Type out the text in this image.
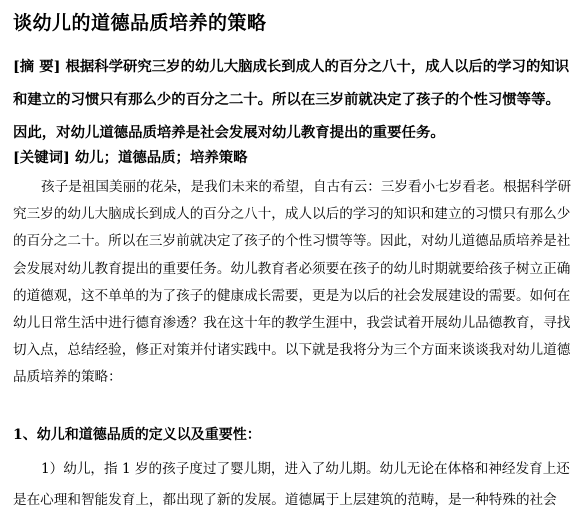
谈幼儿的道德品质培养的策略

[摘 要] 根据科学研究三岁的幼儿大脑成长到成人的百分之八十，成人以后的学习的知识和建立的习惯只有那么少的百分之二十。所以在三岁前就决定了孩子的个性习惯等等。因此，对幼儿道德品质培养是社会发展对幼儿教育提出的重要任务。

[关键词] 幼儿；道德品质；培养策略

孩子是祖国美丽的花朵，是我们未来的希望，自古有云：三岁看小七岁看老。根据科学研究三岁的幼儿大脑成长到成人的百分之八十，成人以后的学习的知识和建立的习惯只有那么少的百分之二十。所以在三岁前就决定了孩子的个性习惯等等。因此，对幼儿道德品质培养是社会发展对幼儿教育提出的重要任务。幼儿教育者必须要在孩子的幼儿时期就要给孩子树立正确的道德观，这不单单的为了孩子的健康成长需要，更是为以后的社会发展建设的需要。如何在幼儿日常生活中进行德育渗透？我在这十年的教学生涯中，我尝试着开展幼儿品德教育，寻找切入点，总结经验，修正对策并付诸实践中。以下就是我将分为三个方面来谈谈我对幼儿道德品质培养的策略：

1、幼儿和道德品质的定义以及重要性：

1）幼儿，指 1 岁的孩子度过了婴儿期，进入了幼儿期。幼儿无论在体格和神经发育上还是在心理和智能发育上，都出现了新的发展。道德属于上层建筑的范畴，是一种特殊的社会
